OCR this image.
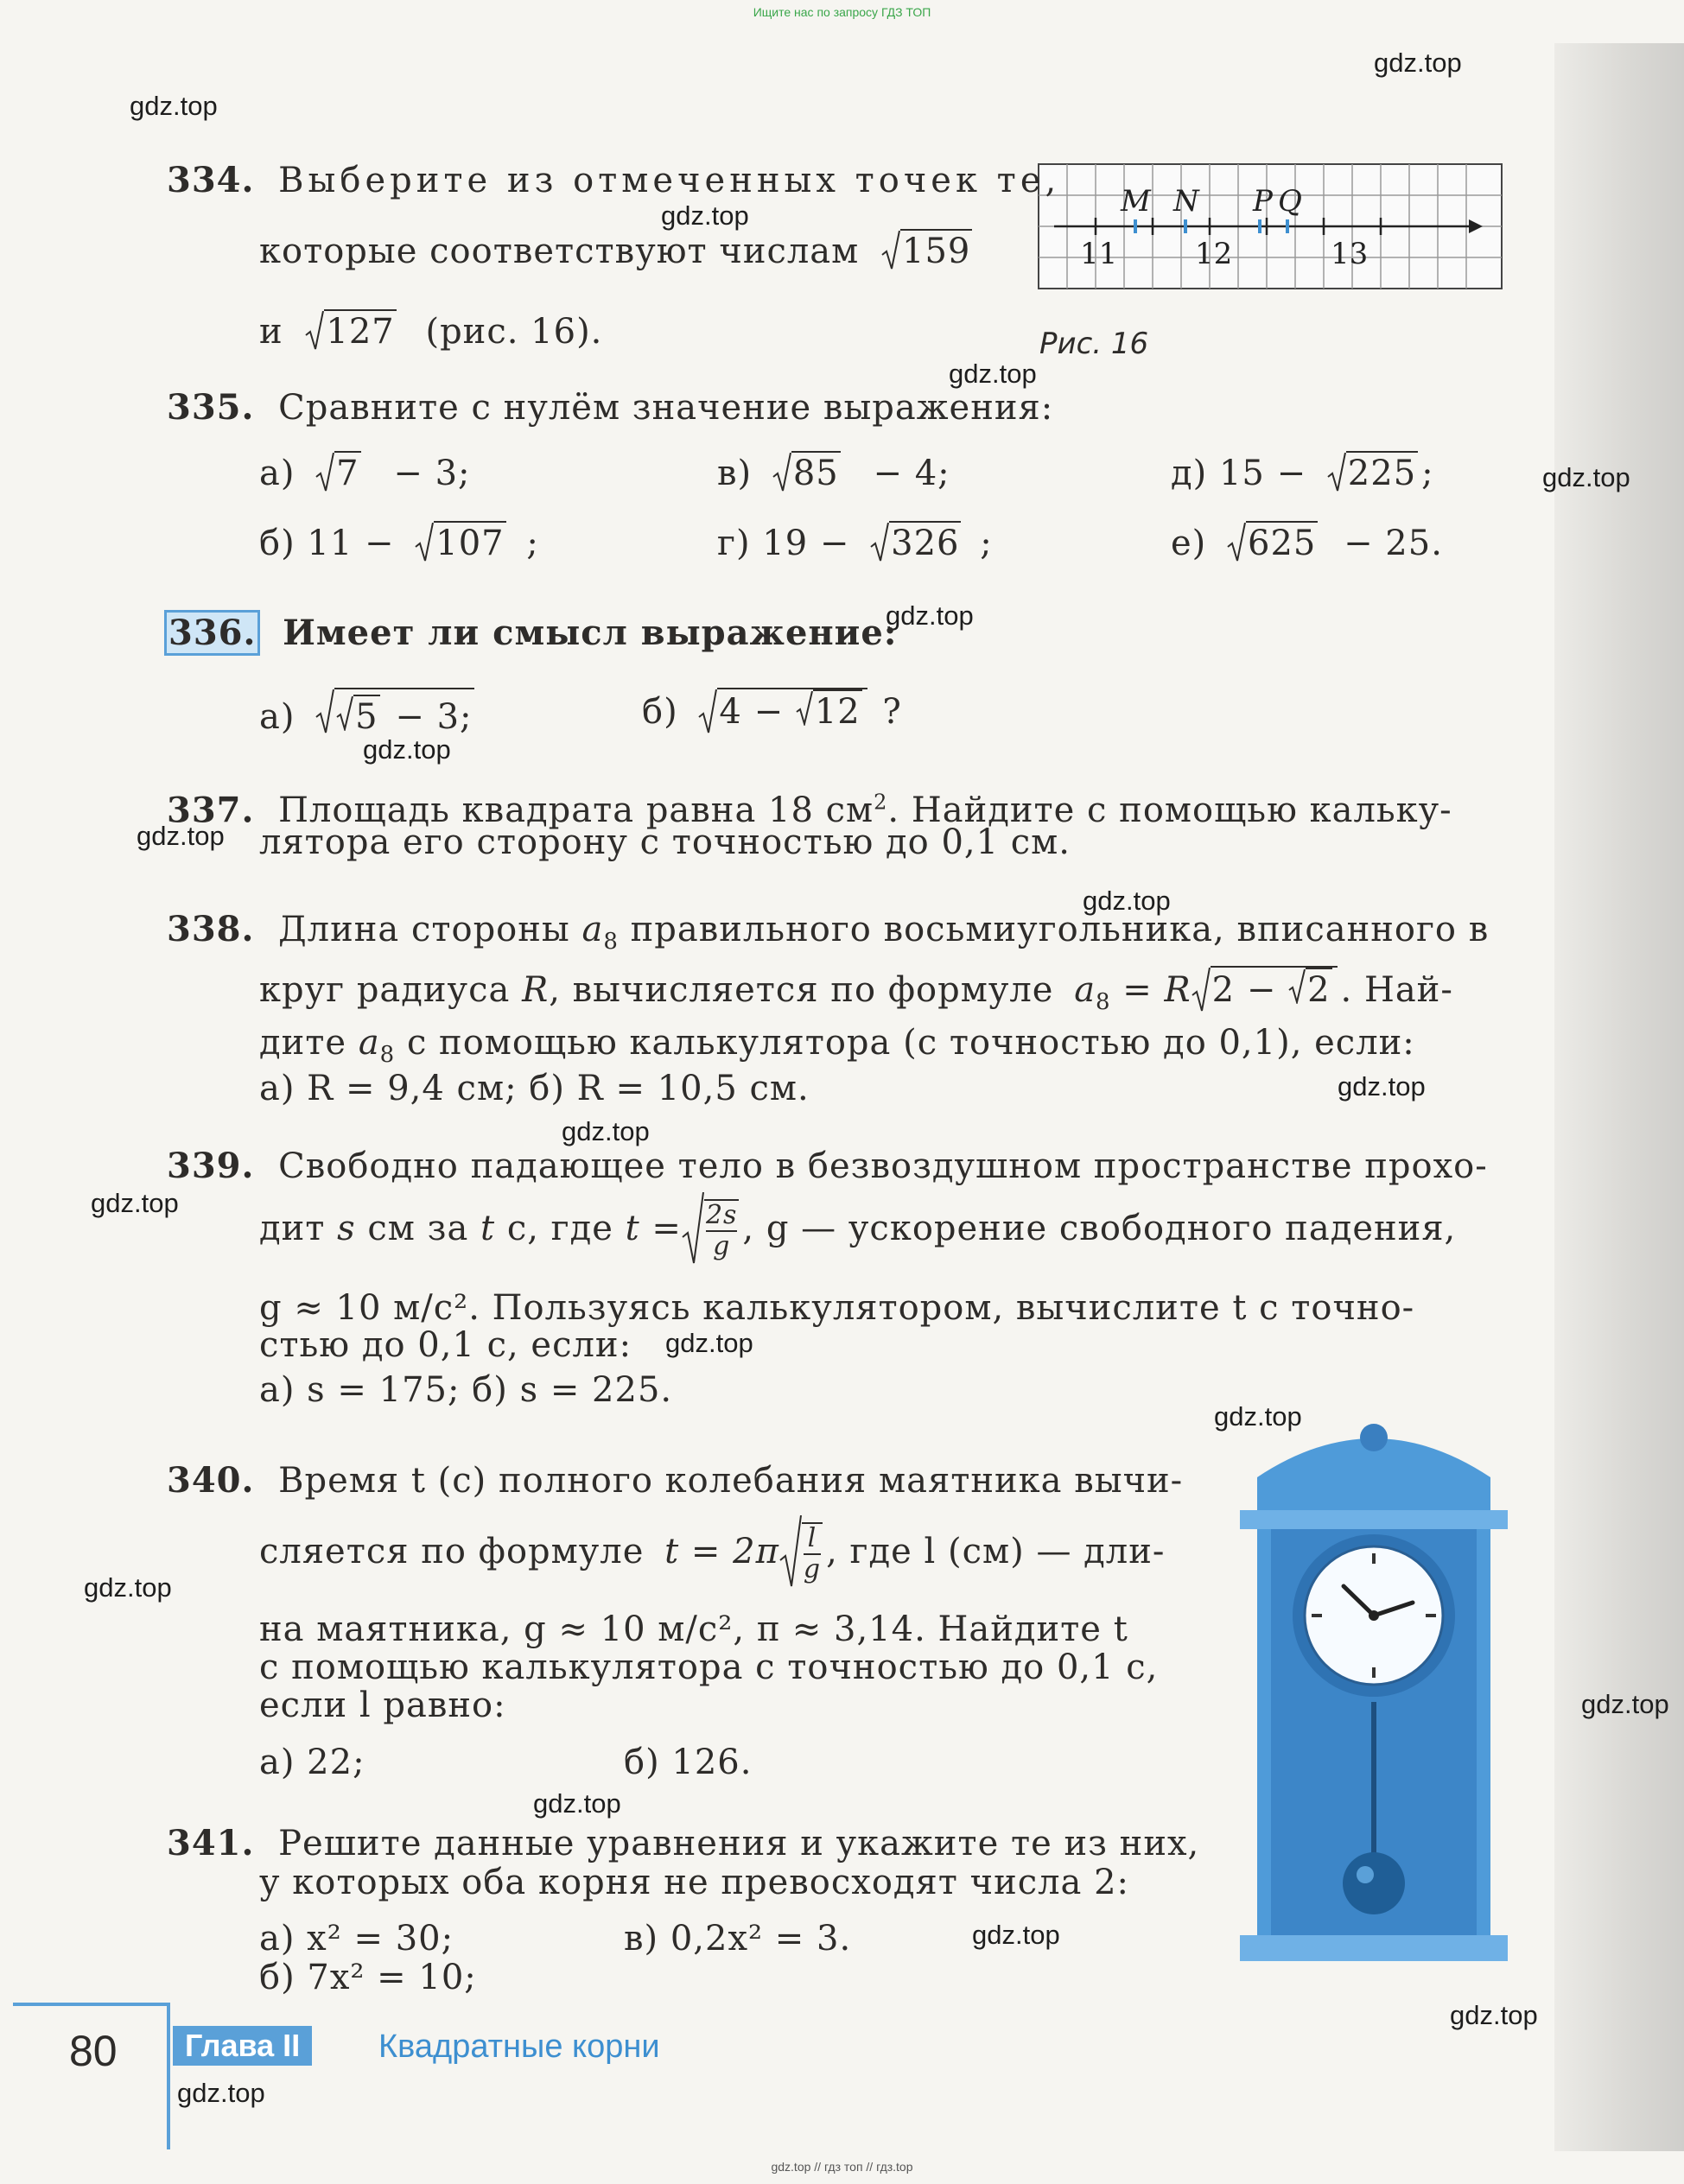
Ищите нас по запросу ГДЗ ТОП
gdz.top
gdz.top
gdz.top
gdz.top
gdz.top
gdz.top
gdz.top
gdz.top
gdz.top
gdz.top
gdz.top
gdz.top
gdz.top
gdz.top
gdz.top
gdz.top
gdz.top
gdz.top
gdz.top
gdz.top
11	12	13
M N P Q
Рис. 16
334. Выберите из отмеченных точек те,
которые соответствуют числам 159
и 127 (рис. 16).
335. Сравните с нулём значение выражения:
а) 7 − 3;	в) 85 − 4;	д) 15 − 225 ;
б) 11 − 107 ;	г) 19 − 326 ;	е) 625 − 25.
336. Имеет ли смысл выражение:
а) 5 − 3;	б) 4 −
12 ?
337. Площадь квадрата равна 18 $см^2$. Найдите с помощью кальку-
лятора его сторону с точностью до 0,1 см.
338. Длина стороны $a_8$ правильного восьмиугольника, вписанного в
круг радиуса R, вычисляется по формуле $a_8 = R$ 2 −
2 . Най-
дите $a_8$ с помощью калькулятора (с точностью до 0,1), если:
а) R = 9,4 см; б) R = 10,5 см.
339. Свободно падающее тело в безвоздушном пространстве прохо-
дит s см за t с, где $t = \frac{2s}{g}$ , g — ускорение свободного падения,
g ≈ 10 м/с². Пользуясь калькулятором, вычислите t с точно-
стью до 0,1 с, если:
а) s = 175; б) s = 225.
340. Время t (с) полного колебания маятника вычи-
сляется по формуле $t = 2\pi \frac{l}{g}$ , где l (см) — дли-
на маятника, g ≈ 10 м/с², π ≈ 3,14. Найдите t
с помощью калькулятора с точностью до 0,1 с,
если l равно:
а) 22;	б) 126.
341. Решите данные уравнения и укажите те из них,
у которых оба корня не превосходят числа 2:
а) x² = 30;	в) 0,2x² = 3.
б) 7x² = 10;
80	Глава II	Квадратные корни
gdz.top // гдз топ // гдз.top
